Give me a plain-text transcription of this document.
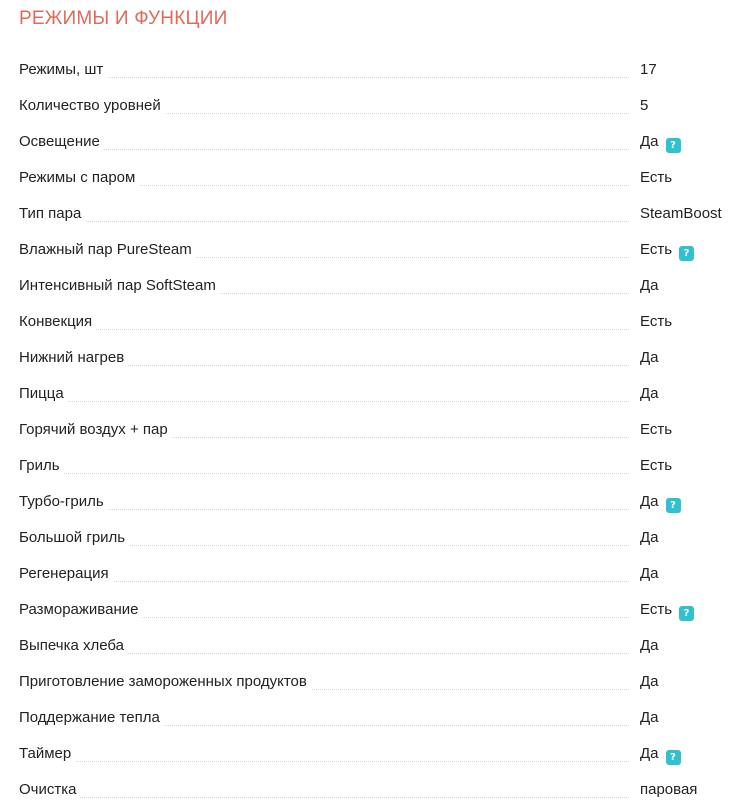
РЕЖИМЫ И ФУНКЦИИ
Режимы, шт	17
Количество уровней	5
Освещение	Да ?
Режимы с паром	Есть
Тип пара	SteamBoost
Влажный пар PureSteam	Есть ?
Интенсивный пар SoftSteam	Да
Конвекция	Есть
Нижний нагрев	Да
Пицца	Да
Горячий воздух + пар	Есть
Гриль	Есть
Турбо-гриль	Да ?
Большой гриль	Да
Регенерация	Да
Размораживание	Есть ?
Выпечка хлеба	Да
Приготовление замороженных продуктов	Да
Поддержание тепла	Да
Таймер	Да ?
Очистка	паровая
